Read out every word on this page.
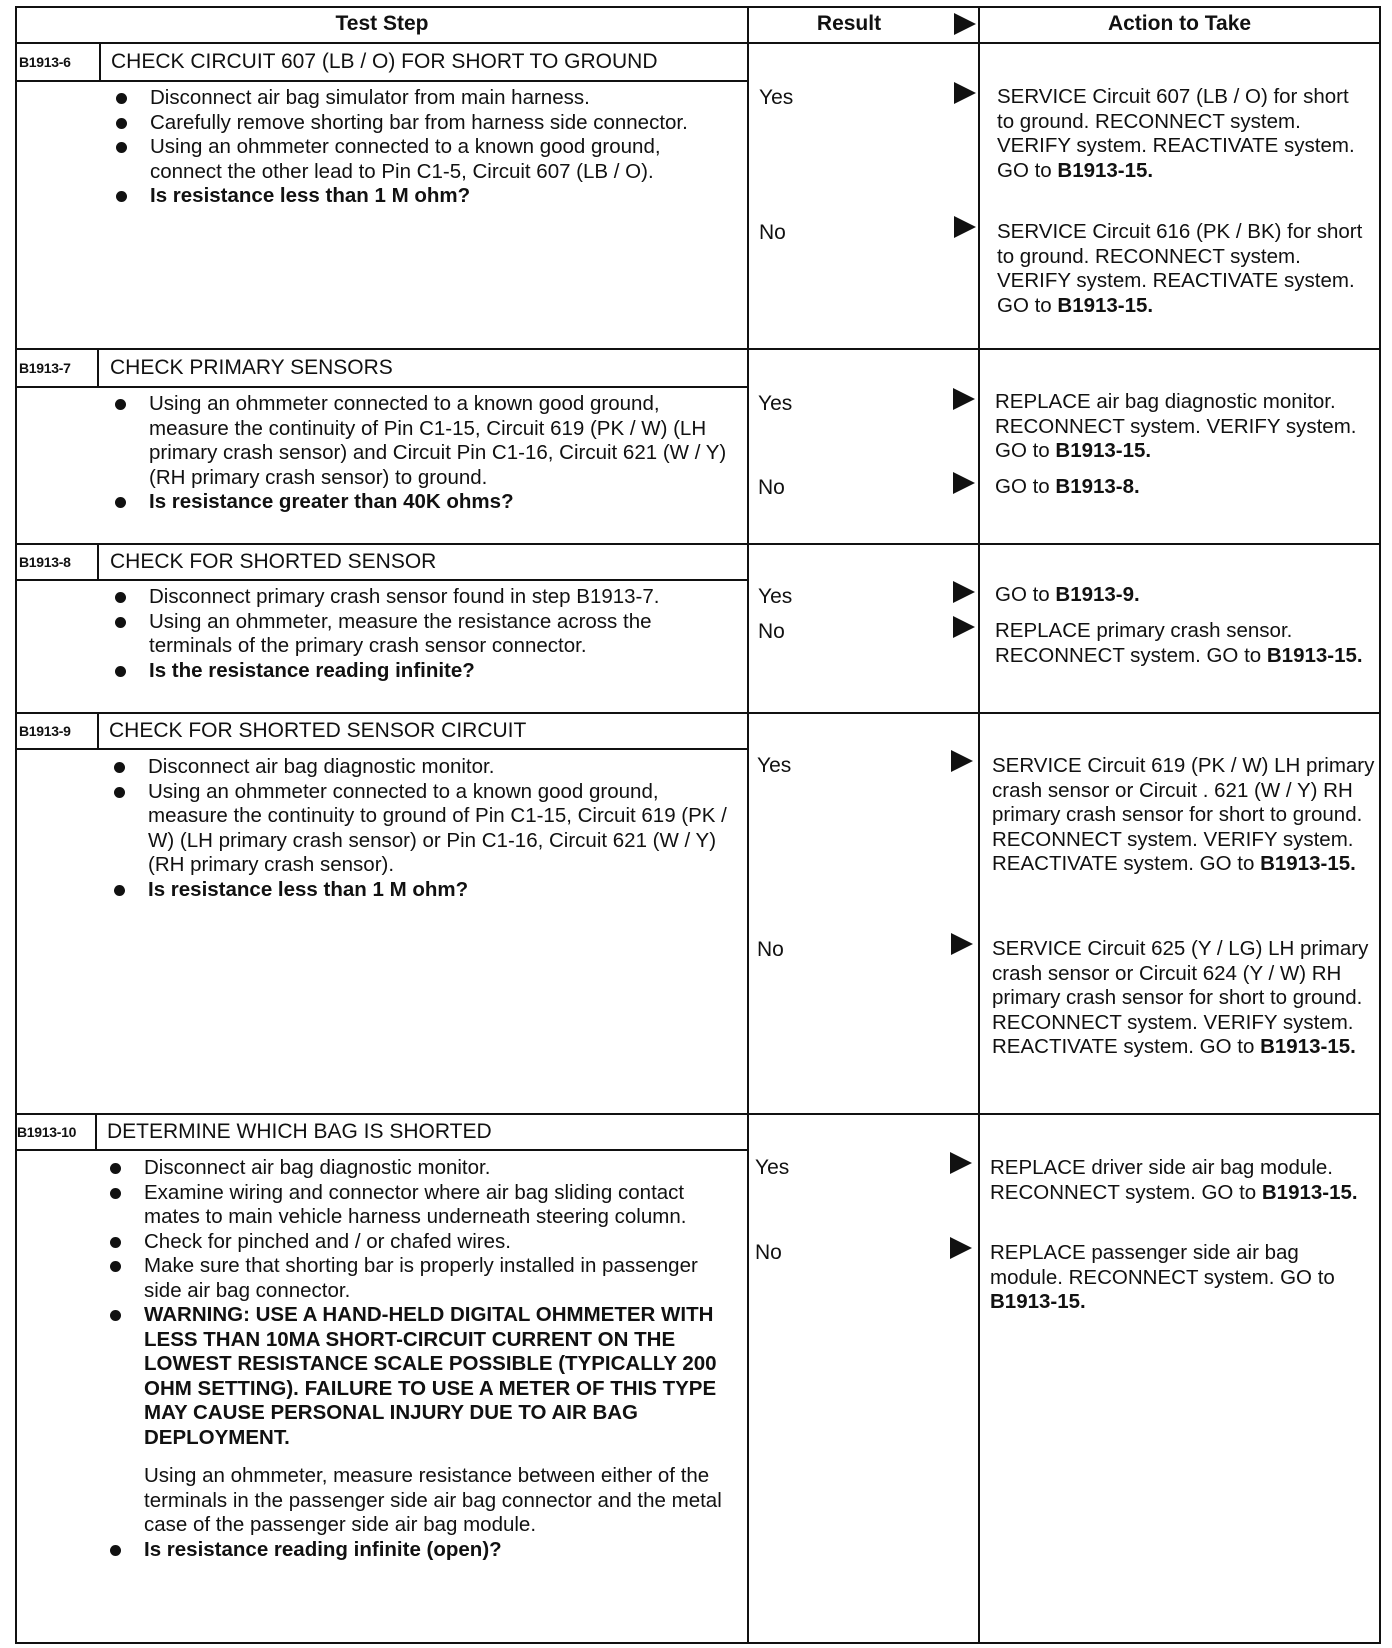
Test Step	Result	Action to Take
B1913-6 CHECK CIRCUIT 607 (LB / O) FOR SHORT TO GROUND

Disconnect air bag simulator from main harness.

Carefully remove shorting bar from harness side connector.

Using an ohmmeter connected to a known good ground, connect the other lead to Pin C1-5, Circuit 607 (LB / O).

Is resistance less than 1 M ohm?

Yes	SERVICE Circuit 607 (LB / O) for short to ground. RECONNECT system. VERIFY system. REACTIVATE system. GO to B1913-15.
No	SERVICE Circuit 616 (PK / BK) for short to ground. RECONNECT system. VERIFY system. REACTIVATE system. GO to B1913-15.
B1913-7 CHECK PRIMARY SENSORS

Using an ohmmeter connected to a known good ground, measure the continuity of Pin C1-15, Circuit 619 (PK / W) (LH primary crash sensor) and Circuit Pin C1-16, Circuit 621 (W / Y) (RH primary crash sensor) to ground.

Is resistance greater than 40K ohms?

Yes	REPLACE air bag diagnostic monitor. RECONNECT system. VERIFY system. GO to B1913-15.
No	GO to B1913-8.
B1913-8 CHECK FOR SHORTED SENSOR

Disconnect primary crash sensor found in step B1913-7.

Using an ohmmeter, measure the resistance across the terminals of the primary crash sensor connector.

Is the resistance reading infinite?

Yes	GO to B1913-9.
No	REPLACE primary crash sensor. RECONNECT system. GO to B1913-15.
B1913-9 CHECK FOR SHORTED SENSOR CIRCUIT

Disconnect air bag diagnostic monitor.

Using an ohmmeter connected to a known good ground, measure the continuity to ground of Pin C1-15, Circuit 619 (PK / W) (LH primary crash sensor) or Pin C1-16, Circuit 621 (W / Y)(RH primary crash sensor).

Is resistance less than 1 M ohm?

Yes	SERVICE Circuit 619 (PK / W) LH primary crash sensor or Circuit . 621 (W / Y) RH primary crash sensor for short to ground. RECONNECT system. VERIFY system. REACTIVATE system. GO to B1913-15.
No	SERVICE Circuit 625 (Y / LG) LH primary crash sensor or Circuit 624 (Y / W) RH primary crash sensor for short to ground. RECONNECT system. VERIFY system. REACTIVATE system. GO to B1913-15.
B1913-10 DETERMINE WHICH BAG IS SHORTED

Disconnect air bag diagnostic monitor.

Examine wiring and connector where air bag sliding contact mates to main vehicle harness underneath steering column.

Check for pinched and / or chafed wires.

Make sure that shorting bar is properly installed in passenger side air bag connector.

WARNING: USE A HAND-HELD DIGITAL OHMMETER WITH LESS THAN 10MA SHORT-CIRCUIT CURRENT ON THE LOWEST RESISTANCE SCALE POSSIBLE (TYPICALLY 200 OHM SETTING). FAILURE TO USE A METER OF THIS TYPE MAY CAUSE PERSONAL INJURY DUE TO AIR BAG DEPLOYMENT.

Using an ohmmeter, measure resistance between either of the terminals in the passenger side air bag connector and the metal case of the passenger side air bag module.

Is resistance reading infinite (open)?

Yes	REPLACE driver side air bag module. RECONNECT system. GO to B1913-15.
No	REPLACE passenger side air bag module. RECONNECT system. GO to B1913-15.
